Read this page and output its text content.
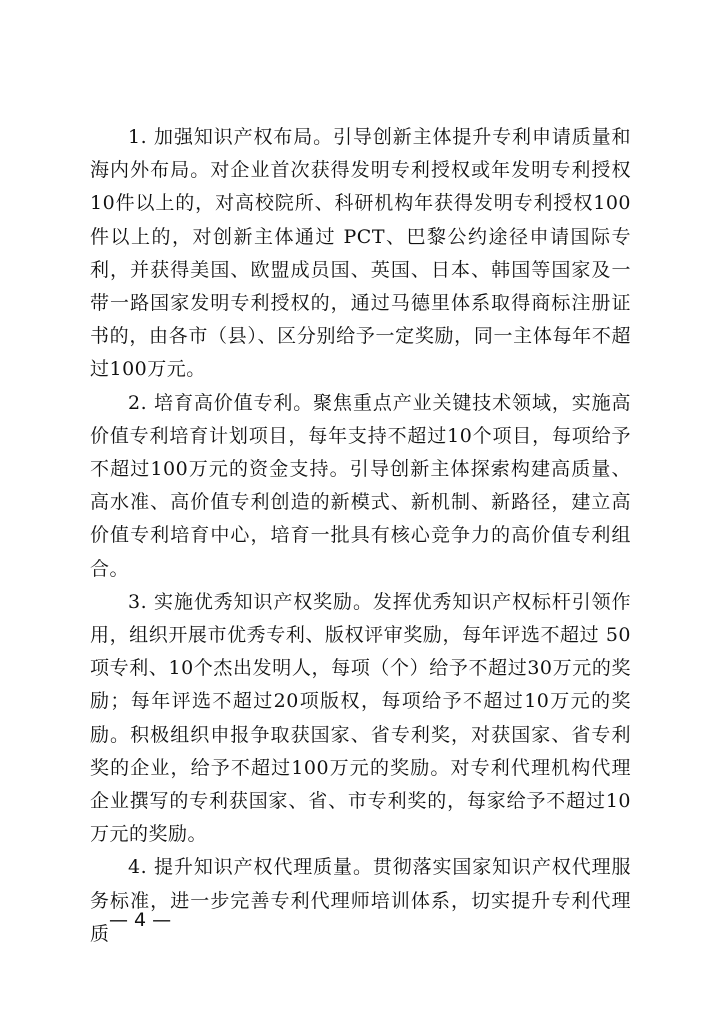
1. 加强知识产权布局。引导创新主体提升专利申请质量和海内外布局。对企业首次获得发明专利授权或年发明专利授权10件以上的，对高校院所、科研机构年获得发明专利授权100件以上的，对创新主体通过 PCT、巴黎公约途径申请国际专利，并获得美国、欧盟成员国、英国、日本、韩国等国家及一带一路国家发明专利授权的，通过马德里体系取得商标注册证书的，由各市（县）、区分别给予一定奖励，同一主体每年不超过100万元。

2. 培育高价值专利。聚焦重点产业关键技术领域，实施高价值专利培育计划项目，每年支持不超过10个项目，每项给予不超过100万元的资金支持。引导创新主体探索构建高质量、高水准、高价值专利创造的新模式、新机制、新路径，建立高价值专利培育中心，培育一批具有核心竞争力的高价值专利组合。

3. 实施优秀知识产权奖励。发挥优秀知识产权标杆引领作用，组织开展市优秀专利、版权评审奖励，每年评选不超过 50项专利、10个杰出发明人，每项（个）给予不超过30万元的奖励；每年评选不超过20项版权，每项给予不超过10万元的奖励。积极组织申报争取获国家、省专利奖，对获国家、省专利奖的企业，给予不超过100万元的奖励。对专利代理机构代理企业撰写的专利获国家、省、市专利奖的，每家给予不超过10万元的奖励。

4. 提升知识产权代理质量。贯彻落实国家知识产权代理服务标准，进一步完善专利代理师培训体系，切实提升专利代理质

— 4 —
